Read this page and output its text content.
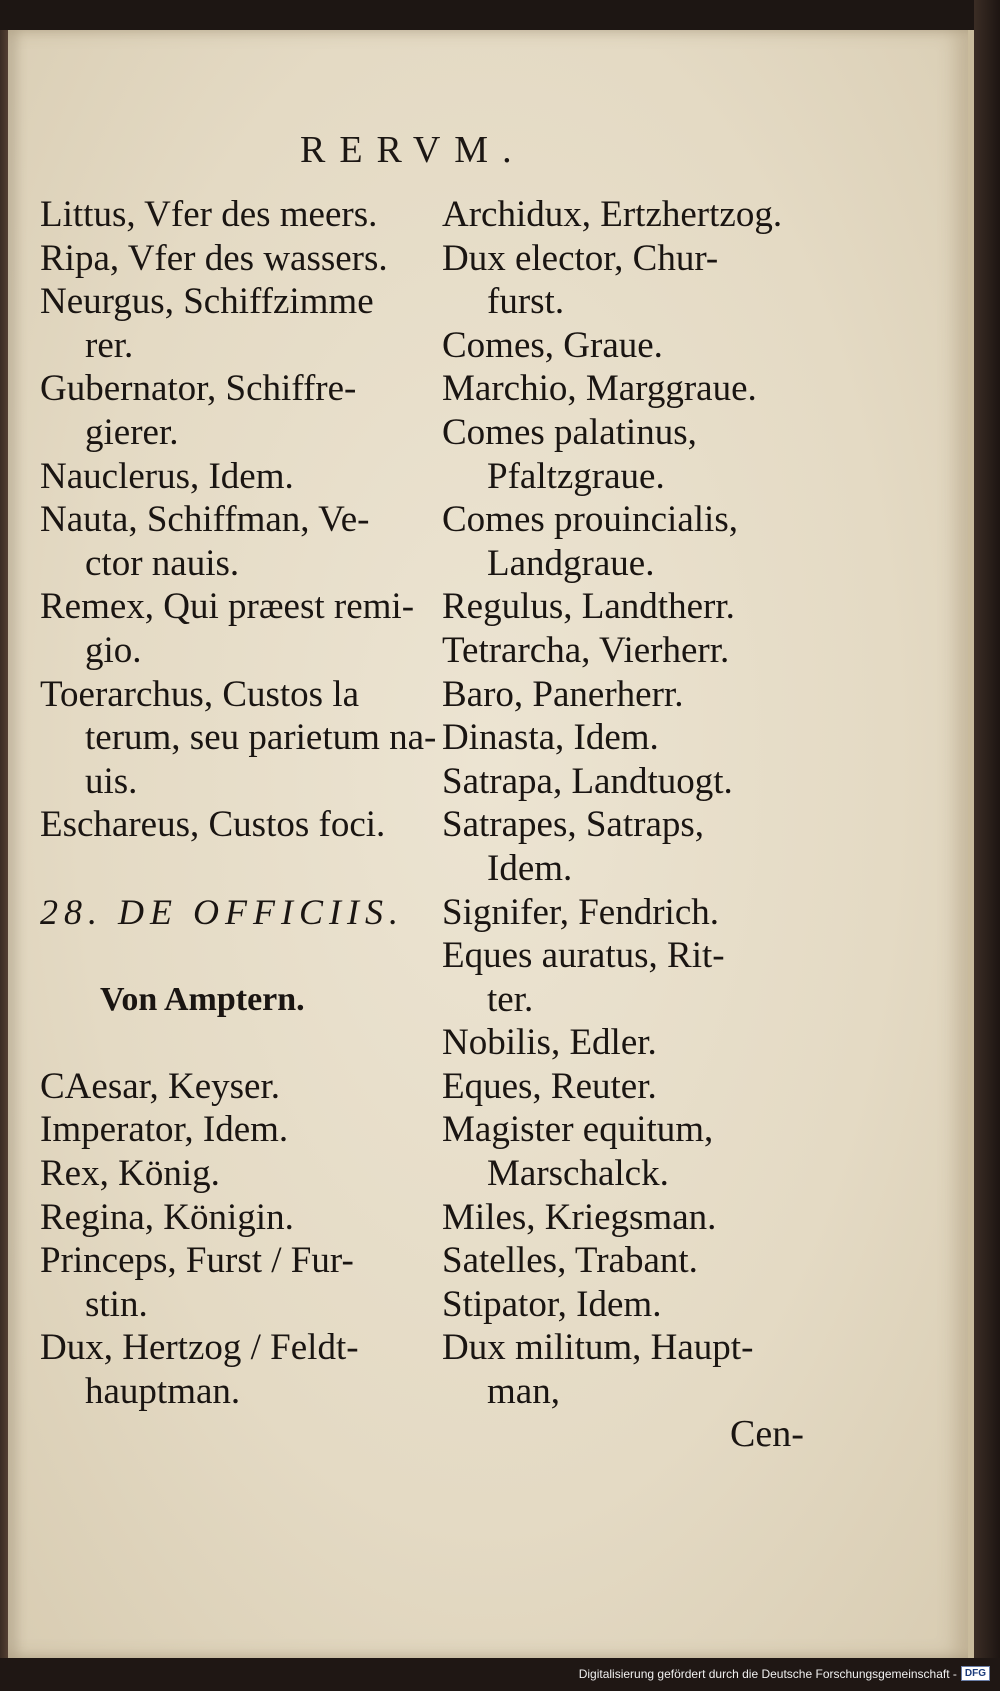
RERVM.
Littus, Vfer des meers.
Ripa, Vfer des wassers.
Neurgus, Schiffzimme
rer.
Gubernator, Schiffre-
gierer.
Nauclerus, Idem.
Nauta, Schiffman, Ve-
ctor nauis.
Remex, Qui præest remi-
gio.
Toerarchus, Custos la
terum, seu parietum na-
uis.
Eschareus, Custos foci.
28. DE OFFICIIS.
Von Amptern.
CAesar, Keyser.
Imperator, Idem.
Rex, König.
Regina, Königin.
Princeps, Furst / Fur-
stin.
Dux, Hertzog / Feldt-
hauptman.
Archidux, Ertzhertzog.
Dux elector, Chur-
furst.
Comes, Graue.
Marchio, Marggraue.
Comes palatinus,
Pfaltzgraue.
Comes prouincialis,
Landgraue.
Regulus, Landtherr.
Tetrarcha, Vierherr.
Baro, Panerherr.
Dinasta, Idem.
Satrapa, Landtuogt.
Satrapes, Satraps,
Idem.
Signifer, Fendrich.
Eques auratus, Rit-
ter.
Nobilis, Edler.
Eques, Reuter.
Magister equitum,
Marschalck.
Miles, Kriegsman.
Satelles, Trabant.
Stipator, Idem.
Dux militum, Haupt-
man,
Cen-
Digitalisierung gefördert durch die Deutsche Forschungsgemeinschaft - DFG
